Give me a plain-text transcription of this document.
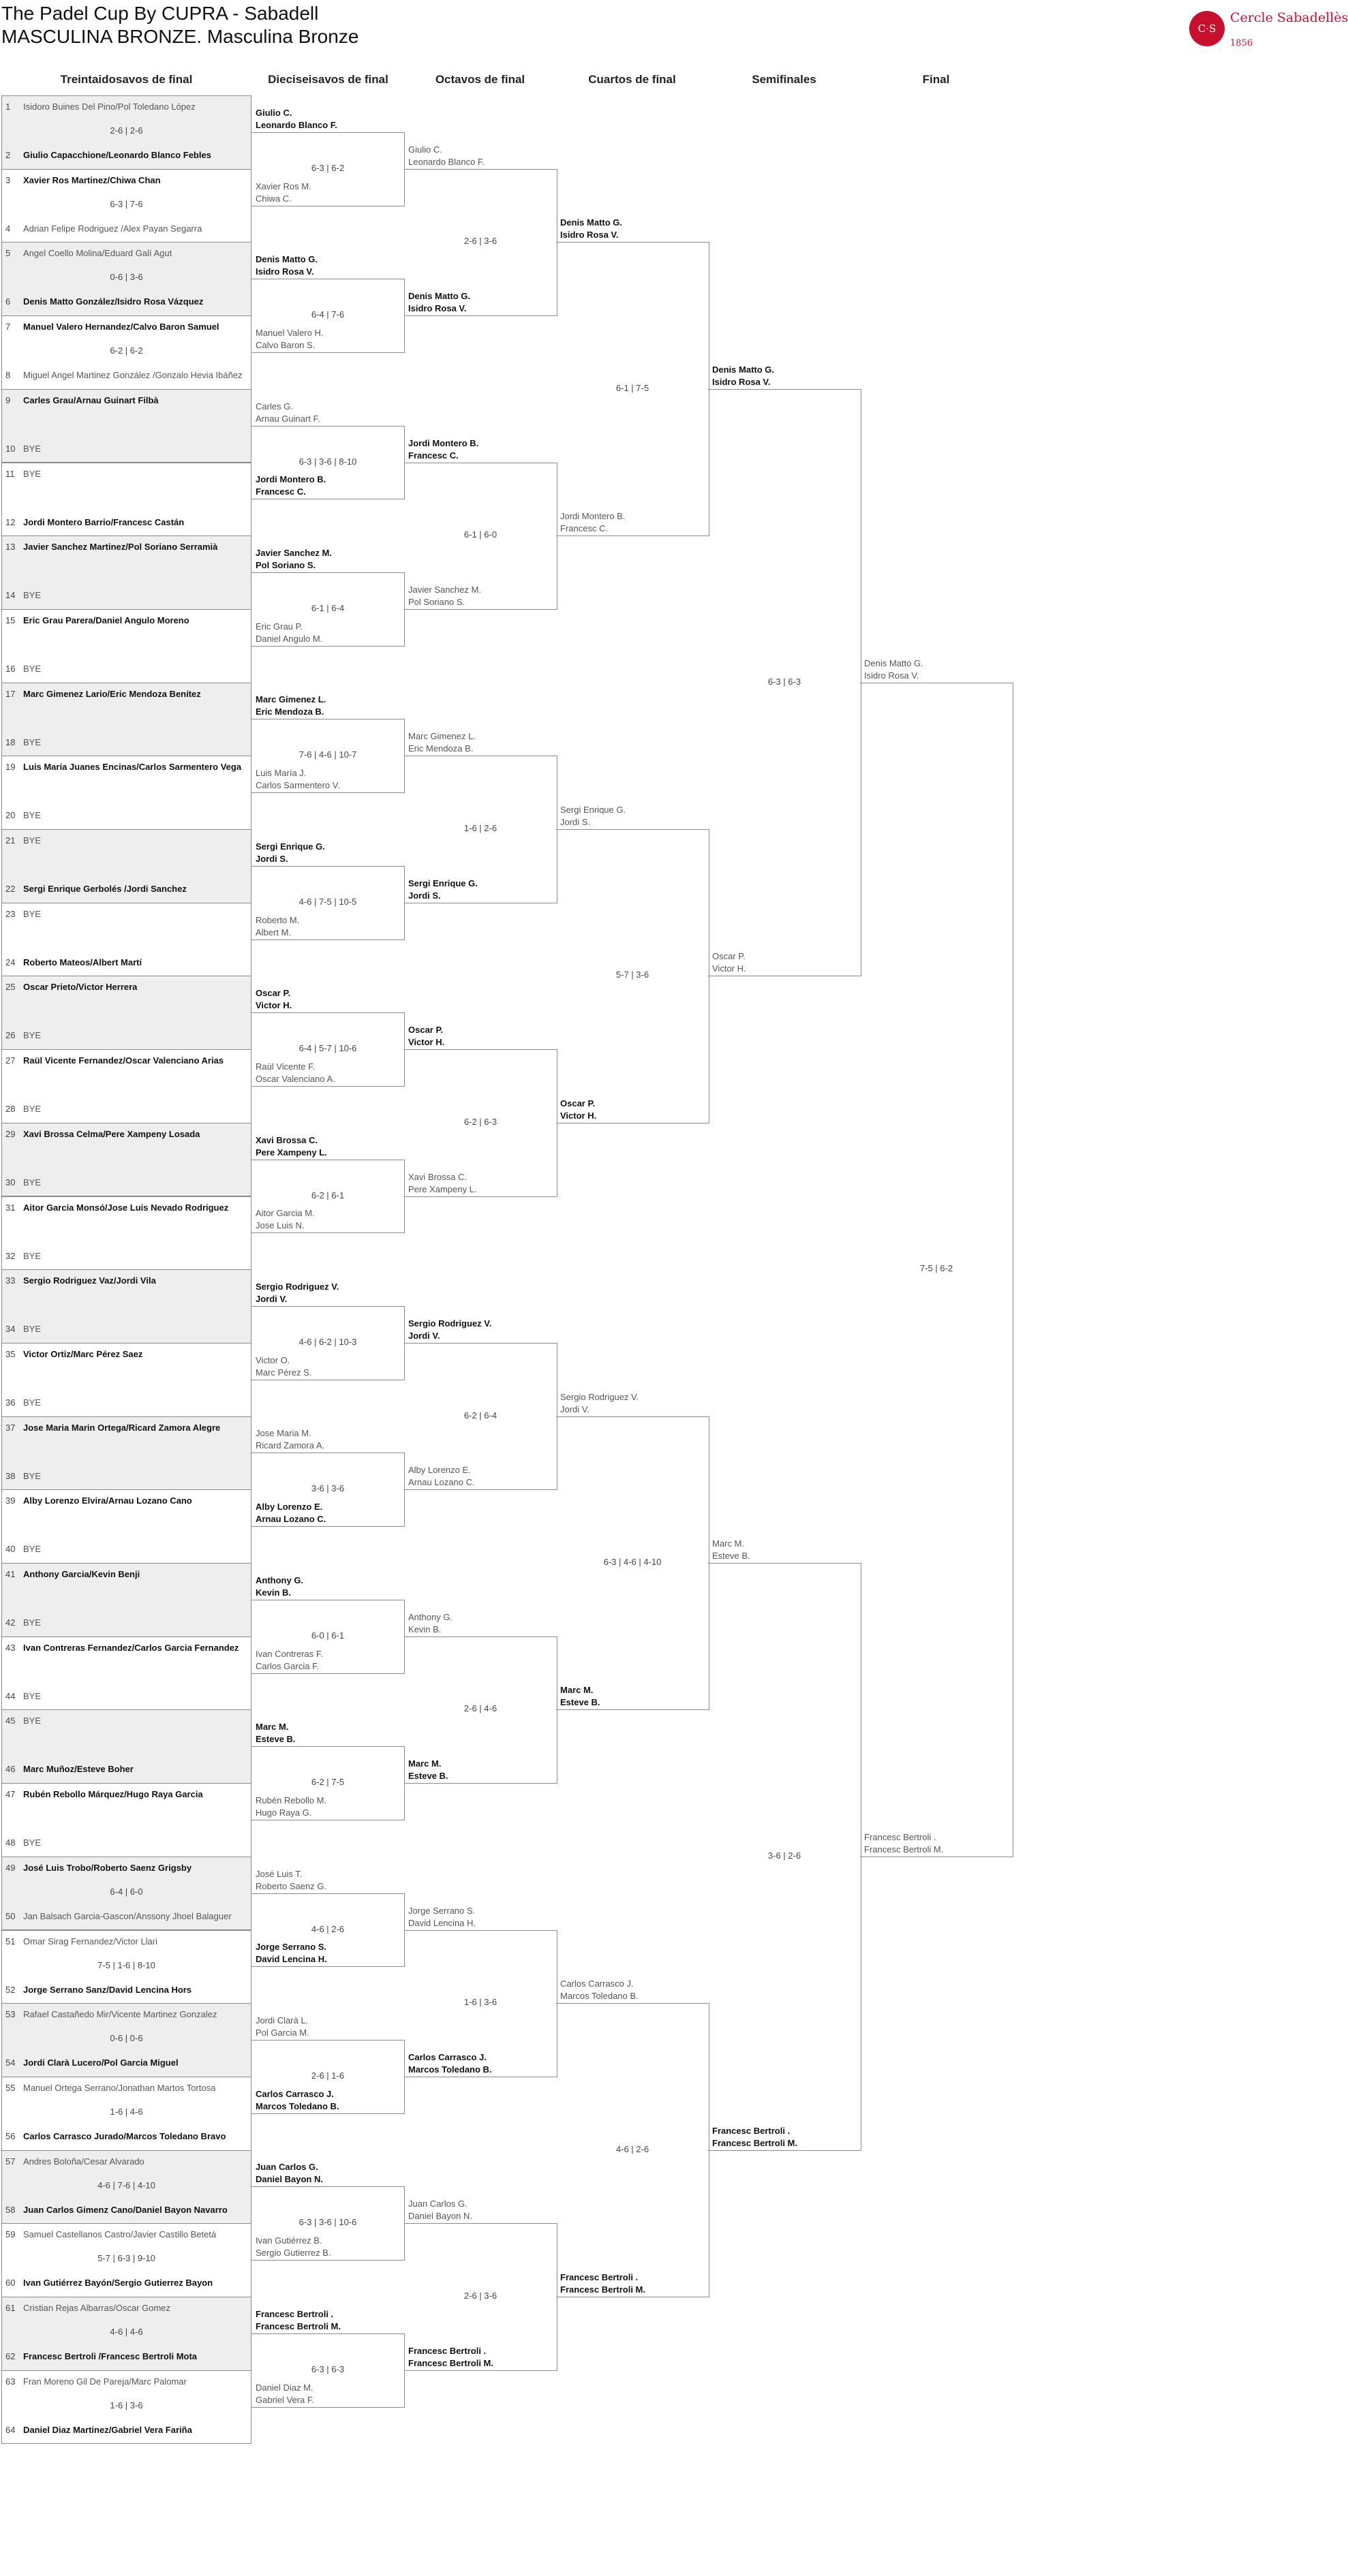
The Padel Cup By CUPRA - Sabadell
MASCULINA BRONZE. Masculina Bronze	C·S
Cercle Sabadellès
1856
Treintaidosavos de final	Dieciseisavos de final	Octavos de final	Cuartos de final	Semifinales	Final
1 Isidoro Buines Del Pino/Pol Toledano López
2-6 | 2-6
2 Giulio Capacchione/Leonardo Blanco Febles
3 Xavier Ros Martinez/Chiwa Chan
6-3 | 7-6
4 Adrian Felipe Rodriguez /Alex Payan Segarra
5 Angel Coello Molina/Eduard Galí Agut
0-6 | 3-6
6 Denis Matto González/Isidro Rosa Vázquez
7 Manuel Valero Hernandez/Calvo Baron Samuel
6-2 | 6-2
8 Miguel Angel Martinez González /Gonzalo Hevia Ibáñez
9 Carles Grau/Arnau Guinart Filbà
10 BYE
11 BYE
12 Jordi Montero Barrio/Francesc Castán
13 Javier Sanchez Martinez/Pol Soriano Serramià
14 BYE
15 Eric Grau Parera/Daniel Angulo Moreno
16 BYE
17 Marc Gimenez Lario/Eric Mendoza Benítez
18 BYE
19 Luis María Juanes Encinas/Carlos Sarmentero Vega
20 BYE
21 BYE
22 Sergi Enrique Gerbolés /Jordi Sanchez
23 BYE
24 Roberto Mateos/Albert Martí
25 Oscar Prieto/Victor Herrera
26 BYE
27 Raül Vicente Fernandez/Oscar Valenciano Arias
28 BYE
29 Xavi Brossa Celma/Pere Xampeny Losada
30 BYE
31 Aitor Garcia Monsó/Jose Luis Nevado Rodriguez
32 BYE
33 Sergio Rodriguez Vaz/Jordi Vila
34 BYE
35 Victor Ortiz/Marc Pérez Saez
36 BYE
37 Jose Maria Marin Ortega/Ricard Zamora Alegre
38 BYE
39 Alby Lorenzo Elvira/Arnau Lozano Cano
40 BYE
41 Anthony Garcia/Kevin Benji
42 BYE
43 Ivan Contreras Fernandez/Carlos Garcia Fernandez
44 BYE
45 BYE
46 Marc Muñoz/Esteve Boher
47 Rubén Rebollo Márquez/Hugo Raya Garcia
48 BYE
49 José Luis Trobo/Roberto Saenz Grigsby
6-4 | 6-0
50 Jan Balsach Garcia-Gascon/Anssony Jhoel Balaguer
51 Omar Sirag Fernandez/Victor Llari
7-5 | 1-6 | 8-10
52 Jorge Serrano Sanz/David Lencina Hors
53 Rafael Castañedo Mir/Vicente Martinez Gonzalez
0-6 | 0-6
54 Jordi Clarà Lucero/Pol Garcia Miguel
55 Manuel Ortega Serrano/Jonathan Martos Tortosa
1-6 | 4-6
56 Carlos Carrasco Jurado/Marcos Toledano Bravo
57 Andres Boloña/Cesar Alvarado
4-6 | 7-6 | 4-10
58 Juan Carlos Gimenz Cano/Daniel Bayon Navarro
59 Samuel Castellanos Castro/Javier Castillo Betetá
5-7 | 6-3 | 9-10
60 Ivan Gutiérrez Bayón/Sergio Gutierrez Bayon
61 Cristian Rejas Albarras/Oscar Gomez
4-6 | 4-6
62 Francesc Bertroli /Francesc Bertroli Mota
63 Fran Moreno Gil De Pareja/Marc Palomar
1-6 | 3-6
64 Daniel Diaz Martinez/Gabriel Vera Fariña
Giulio C.
Leonardo Blanco F.
Xavier Ros M.
Chiwa C.
6-3 | 6-2
Denis Matto G.
Isidro Rosa V.
Manuel Valero H.
Calvo Baron S.
6-4 | 7-6
Carles G.
Arnau Guinart F.
Jordi Montero B.
Francesc C.
6-3 | 3-6 | 8-10
Javier Sanchez M.
Pol Soriano S.
Eric Grau P.
Daniel Angulo M.
6-1 | 6-4
Marc Gimenez L.
Eric Mendoza B.
Luis María J.
Carlos Sarmentero V.
7-6 | 4-6 | 10-7
Sergi Enrique G.
Jordi S.
Roberto M.
Albert M.
4-6 | 7-5 | 10-5
Oscar P.
Victor H.
Raül Vicente F.
Oscar Valenciano A.
6-4 | 5-7 | 10-6
Xavi Brossa C.
Pere Xampeny L.
Aitor Garcia M.
Jose Luis N.
6-2 | 6-1
Sergio Rodriguez V.
Jordi V.
Victor O.
Marc Pérez S.
4-6 | 6-2 | 10-3
Jose Maria M.
Ricard Zamora A.
Alby Lorenzo E.
Arnau Lozano C.
3-6 | 3-6
Anthony G.
Kevin B.
Ivan Contreras F.
Carlos Garcia F.
6-0 | 6-1
Marc M.
Esteve B.
Rubén Rebollo M.
Hugo Raya G.
6-2 | 7-5
José Luis T.
Roberto Saenz G.
Jorge Serrano S.
David Lencina H.
4-6 | 2-6
Jordi Clarà L.
Pol Garcia M.
Carlos Carrasco J.
Marcos Toledano B.
2-6 | 1-6
Juan Carlos G.
Daniel Bayon N.
Ivan Gutiérrez B.
Sergio Gutierrez B.
6-3 | 3-6 | 10-6
Francesc Bertroli .
Francesc Bertroli M.
Daniel Diaz M.
Gabriel Vera F.
6-3 | 6-3
Giulio C.
Leonardo Blanco F.
Denis Matto G.
Isidro Rosa V.
2-6 | 3-6
Jordi Montero B.
Francesc C.
Javier Sanchez M.
Pol Soriano S.
6-1 | 6-0
Marc Gimenez L.
Eric Mendoza B.
Sergi Enrique G.
Jordi S.
1-6 | 2-6
Oscar P.
Victor H.
Xavi Brossa C.
Pere Xampeny L.
6-2 | 6-3
Sergio Rodriguez V.
Jordi V.
Alby Lorenzo E.
Arnau Lozano C.
6-2 | 6-4
Anthony G.
Kevin B.
Marc M.
Esteve B.
2-6 | 4-6
Jorge Serrano S.
David Lencina H.
Carlos Carrasco J.
Marcos Toledano B.
1-6 | 3-6
Juan Carlos G.
Daniel Bayon N.
Francesc Bertroli .
Francesc Bertroli M.
2-6 | 3-6
Denis Matto G.
Isidro Rosa V.
Jordi Montero B.
Francesc C.
6-1 | 7-5
Sergi Enrique G.
Jordi S.
Oscar P.
Victor H.
5-7 | 3-6
Sergio Rodriguez V.
Jordi V.
Marc M.
Esteve B.
6-3 | 4-6 | 4-10
Carlos Carrasco J.
Marcos Toledano B.
Francesc Bertroli .
Francesc Bertroli M.
4-6 | 2-6
Denis Matto G.
Isidro Rosa V.
Oscar P.
Victor H.
6-3 | 6-3
Marc M.
Esteve B.
Francesc Bertroli .
Francesc Bertroli M.
3-6 | 2-6
Denis Matto G.
Isidro Rosa V.
Francesc Bertroli .
Francesc Bertroli M.
7-5 | 6-2
